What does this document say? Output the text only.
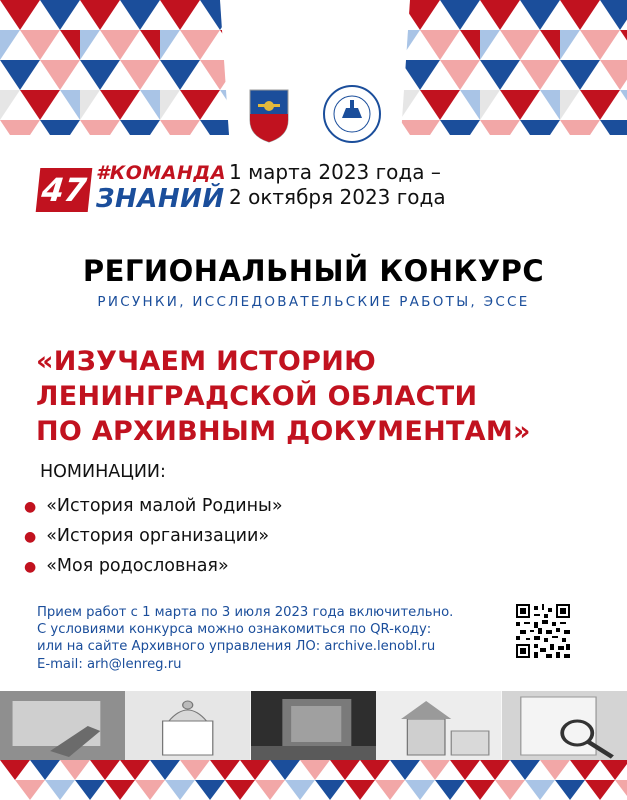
47 #КОМАНДА
ЗНАНИЙ
1 марта 2023 года –
2 октября 2023 года
РЕГИОНАЛЬНЫЙ КОНКУРС
РИСУНКИ, ИССЛЕДОВАТЕЛЬСКИЕ РАБОТЫ, ЭССЕ
«ИЗУЧАЕМ ИСТОРИЮ
ЛЕНИНГРАДСКОЙ ОБЛАСТИ
ПО АРХИВНЫМ ДОКУМЕНТАМ»
НОМИНАЦИИ:
● «История малой Родины»
● «История организации»
● «Моя родословная»
Прием работ с 1 марта по 3 июля 2023 года включительно.
С условиями конкурса можно ознакомиться по QR-коду:
или на сайте Архивного управления ЛО: archive.lenobl.ru
E-mail: arh@lenreg.ru
